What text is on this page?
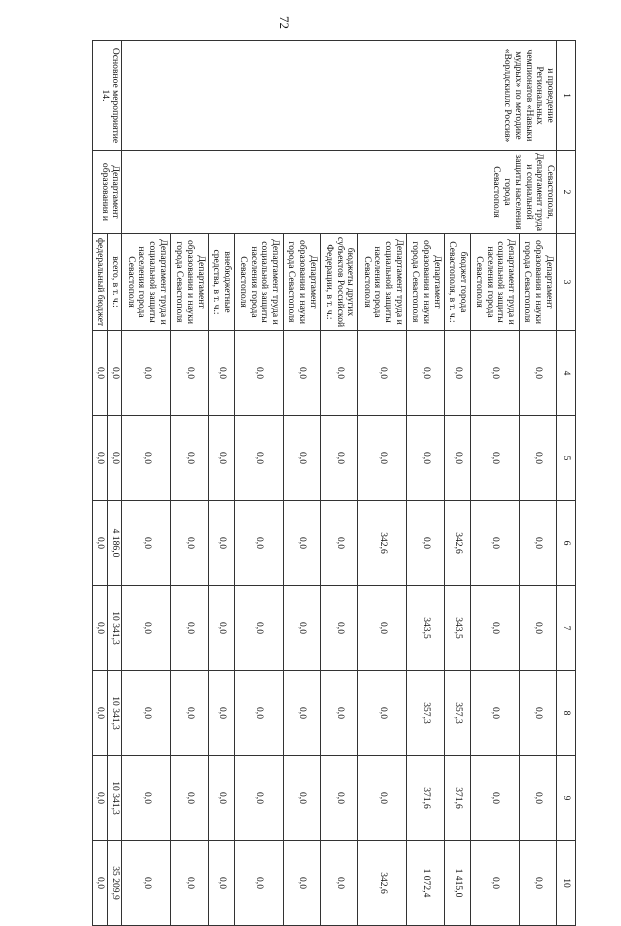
72
1	2	3	4	5	6	7	8	9	10
и проведение Региональных чемпионатов «Навыки мудрых» по методике «Ворлдскиллс Россия»	Севастополя, Департамент труда и социальной защиты населения города Севастополя	Департамент образования и науки города Севастополя	0,0	0,0	0,0	0,0	0,0	0,0	0,0
		Департамент труда и социальной защиты населения города Севастополя	0,0	0,0	0,0	0,0	0,0	0,0	0,0
		бюджет города Севастополя, в т. ч.:	0,0	0,0	342,6	343,5	357,3	371,6	1 415,0
		Департамент образования и науки города Севастополя	0,0	0,0	0,0	343,5	357,3	371,6	1 072,4
		Департамент труда и социальной защиты населения города Севастополя	0,0	0,0	342,6	0,0	0,0	0,0	342,6
		бюджеты других субъектов Российской Федерации, в т. ч.:	0,0	0,0	0,0	0,0	0,0	0,0	0,0
		Департамент образования и науки города Севастополя	0,0	0,0	0,0	0,0	0,0	0,0	0,0
		Департамент труда и социальной защиты населения города Севастополя	0,0	0,0	0,0	0,0	0,0	0,0	0,0
		внебюджетные средства, в т. ч.:	0,0	0,0	0,0	0,0	0,0	0,0	0,0
		Департамент образования и науки города Севастополя	0,0	0,0	0,0	0,0	0,0	0,0	0,0
		Департамент труда и социальной защиты населения города Севастополя	0,0	0,0	0,0	0,0	0,0	0,0	0,0
Основное мероприятие 14.	Департамент образования и	всего, в т. ч.:	0,0	0,0	4 186,0	10 341,3	10 341,3	10 341,3	35 209,9
		федеральный бюджет	0,0	0,0	0,0	0,0	0,0	0,0	0,0
